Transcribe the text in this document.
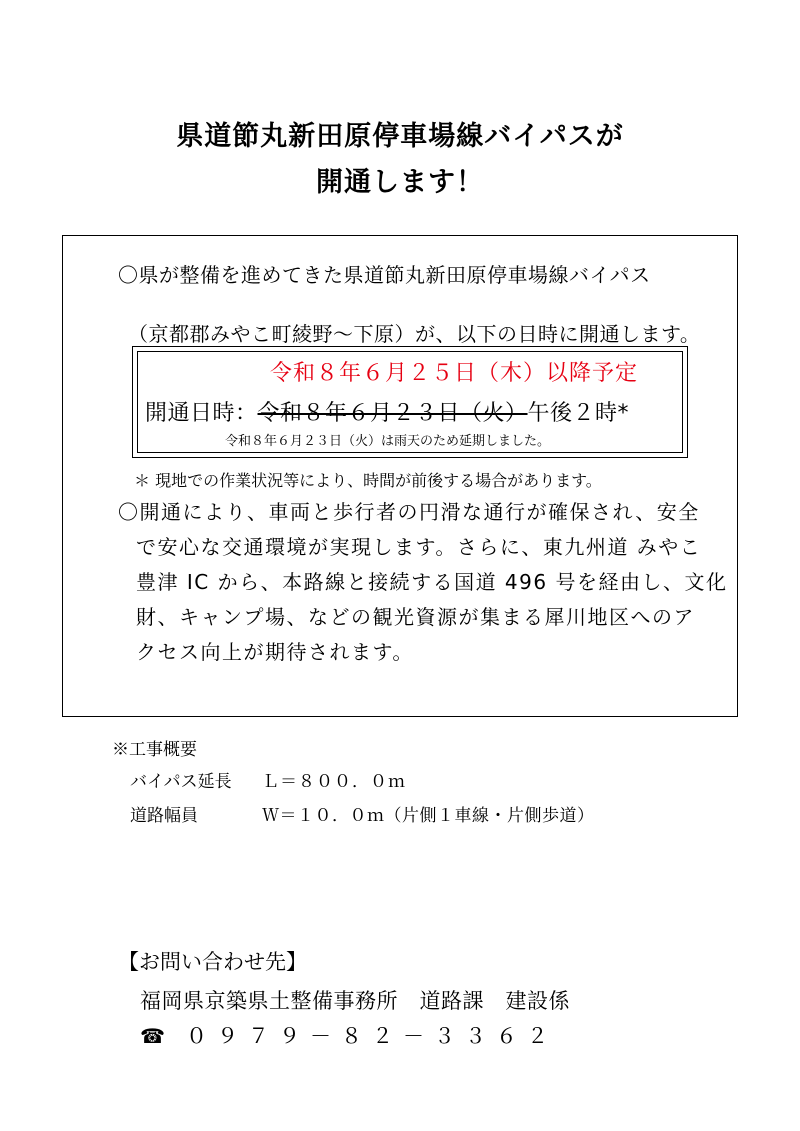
県道節丸新田原停車場線バイパスが
開通します！
〇県が整備を進めてきた県道節丸新田原停車場線バイパス
（京都郡みやこ町綾野～下原）が、以下の日時に開通します。
令和８年６月２５日（木）以降予定
開通日時：令和８年６月２３日（火）午後２時*
令和８年６月２３日（火）は雨天のため延期しました。
＊ 現地での作業状況等により、時間が前後する場合があります。
〇開通により、車両と歩行者の円滑な通行が確保され、安全
で安心な交通環境が実現します。さらに、東九州道 みやこ
豊津 IC から、本路線と接続する国道 496 号を経由し、文化
財、キャンプ場、などの観光資源が集まる犀川地区へのア
クセス向上が期待されます。
※工事概要
バイパス延長 Ｌ＝８００．０ｍ
道路幅員	Ｗ＝１０．０ｍ（片側１車線・片側歩道）
【お問い合わせ先】
福岡県京築県土整備事務所　道路課　建設係
☎ ０９７９－８２－３３６２
